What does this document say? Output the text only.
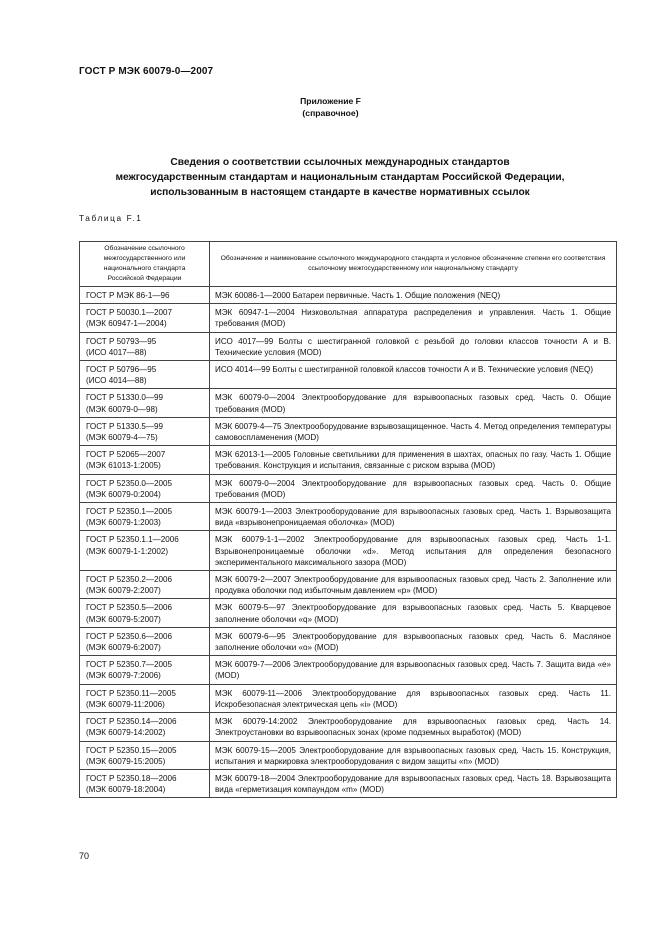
ГОСТ Р МЭК 60079-0—2007
Приложение F
(справочное)
Сведения о соответствии ссылочных международных стандартов
межгосударственным стандартам и национальным стандартам Российской Федерации,
использованным в настоящем стандарте в качестве нормативных ссылок
Таблица F.1
Обозначение ссылочного межгосударственного или национального стандарта Российской Федерации	Обозначение и наименование ссылочного международного стандарта и условное обозначение степени его соответствия ссылочному межгосударственному или национальному стандарту

ГОСТ Р МЭК 86-1—96	МЭК 60086-1—2000 Батареи первичные. Часть 1. Общие положения (NEQ)

ГОСТ Р 50030.1—2007
(МЭК 60947-1—2004)	МЭК 60947-1—2004 Низковольтная аппаратура распределения и управления. Часть 1. Общие требования (MOD)

ГОСТ Р 50793—95
(ИСО 4017—88)	ИСО 4017—99 Болты с шестигранной головкой с резьбой до головки классов точности А и В. Технические условия (MOD)

ГОСТ Р 50796—95
(ИСО 4014—88)	ИСО 4014—99 Болты с шестигранной головкой классов точности А и В. Технические условия (NEQ)

ГОСТ Р 51330.0—99
(МЭК 60079-0—98)	МЭК 60079-0—2004 Электрооборудование для взрывоопасных газовых сред. Часть 0. Общие требования (MOD)

ГОСТ Р 51330.5—99
(МЭК 60079-4—75)	МЭК 60079-4—75 Электрооборудование взрывозащищенное. Часть 4. Метод определения температуры самовоспламенения (MOD)

ГОСТ Р 52065—2007
(МЭК 61013-1:2005)	МЭК 62013-1—2005 Головные светильники для применения в шахтах, опасных по газу. Часть 1. Общие требования. Конструкция и испытания, связанные с риском взрыва (MOD)

ГОСТ Р 52350.0—2005
(МЭК 60079-0:2004)	МЭК 60079-0—2004 Электрооборудование для взрывоопасных газовых сред. Часть 0. Общие требования (MOD)

ГОСТ Р 52350.1—2005
(МЭК 60079-1:2003)	МЭК 60079-1—2003 Электрооборудование для взрывоопасных газовых сред. Часть 1. Взрывозащита вида «взрывонепроницаемая оболочка» (MOD)

ГОСТ Р 52350.1.1—2006
(МЭК 60079-1-1:2002)	МЭК 60079-1-1—2002 Электрооборудование для взрывоопасных газовых сред. Часть 1-1. Взрывонепроницаемые оболочки «d». Метод испытания для определения безопасного экспериментального максимального зазора (MOD)

ГОСТ Р 52350.2—2006
(МЭК 60079-2:2007)	МЭК 60079-2—2007 Электрооборудование для взрывоопасных газовых сред. Часть 2. Заполнение или продувка оболочки под избыточным давлением «р» (MOD)

ГОСТ Р 52350.5—2006
(МЭК 60079-5:2007)	МЭК 60079-5—97 Электрооборудование для взрывоопасных газовых сред. Часть 5. Кварцевое заполнение оболочки «q» (MOD)

ГОСТ Р 52350.6—2006
(МЭК 60079-6:2007)	МЭК 60079-6—95 Электрооборудование для взрывоопасных газовых сред. Часть 6. Масляное заполнение оболочки «о» (MOD)

ГОСТ Р 52350.7—2005
(МЭК 60079-7:2006)	МЭК 60079-7—2006 Электрооборудование для взрывоопасных газовых сред. Часть 7. Защита вида «е» (MOD)

ГОСТ Р 52350.11—2005
(МЭК 60079-11:2006)	МЭК 60079-11—2006 Электрооборудование для взрывоопасных газовых сред. Часть 11. Искробезопасная электрическая цепь «i» (MOD)

ГОСТ Р 52350.14—2006
(МЭК 60079-14:2002)	МЭК 60079-14:2002 Электрооборудование для взрывоопасных газовых сред. Часть 14. Электроустановки во взрывоопасных зонах (кроме подземных выработок) (MOD)

ГОСТ Р 52350.15—2005
(МЭК 60079-15:2005)	МЭК 60079-15—2005 Электрооборудование для взрывоопасных газовых сред. Часть 15. Конструкция, испытания и маркировка электрооборудования с видом защиты «n» (MOD)

ГОСТ Р 52350.18—2006
(МЭК 60079-18:2004)	МЭК 60079-18—2004 Электрооборудование для взрывоопасных газовых сред. Часть 18. Взрывозащита вида «герметизация компаундом «m» (MOD)
70
